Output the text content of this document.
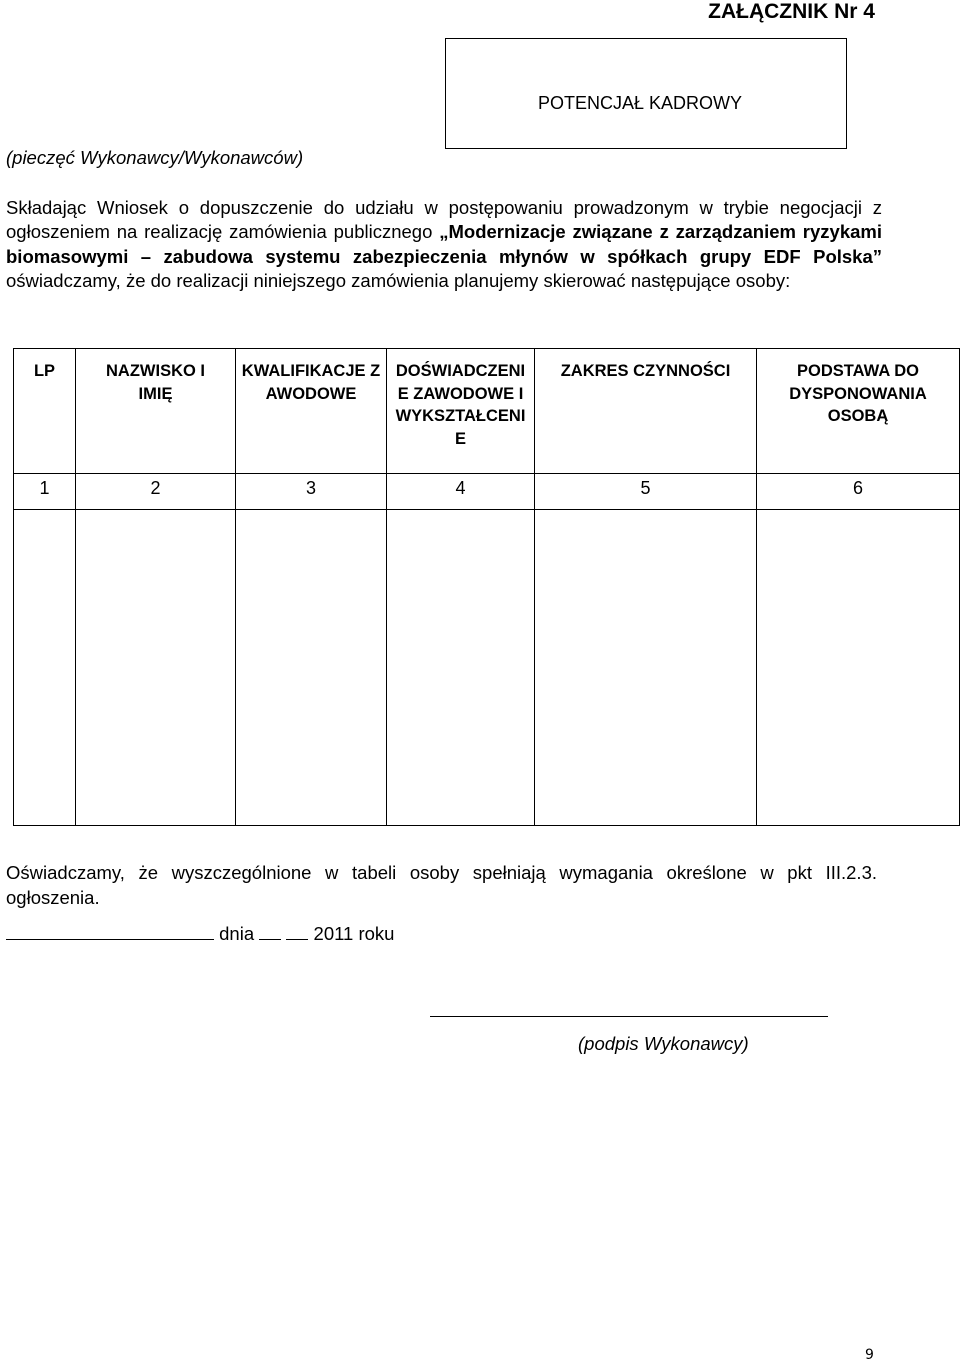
ZAŁĄCZNIK Nr 4
POTENCJAŁ KADROWY
(pieczęć Wykonawcy/Wykonawców)

Składając Wniosek o dopuszczenie do udziału w postępowaniu prowadzonym w trybie negocjacji z ogłoszeniem na realizację zamówienia publicznego „Modernizacje związane z zarządzaniem ryzykami biomasowymi – zabudowa systemu zabezpieczenia młynów w spółkach grupy EDF Polska” oświadczamy, że do realizacji niniejszego zamówienia planujemy skierować następujące osoby:

LP	NAZWISKO I IMIĘ	KWALIFIKACJE ZAWODOWE	DOŚWIADCZENIE ZAWODOWE I WYKSZTAŁCENIE	ZAKRES CZYNNOŚCI	PODSTAWA DO DYSPONOWANIA OSOBĄ
1	2	3	4	5	6

Oświadczamy, że wyszczególnione w tabeli osoby spełniają wymagania określone w pkt III.2.3. ogłoszenia.

dnia	2011 roku
(podpis Wykonawcy)
9
